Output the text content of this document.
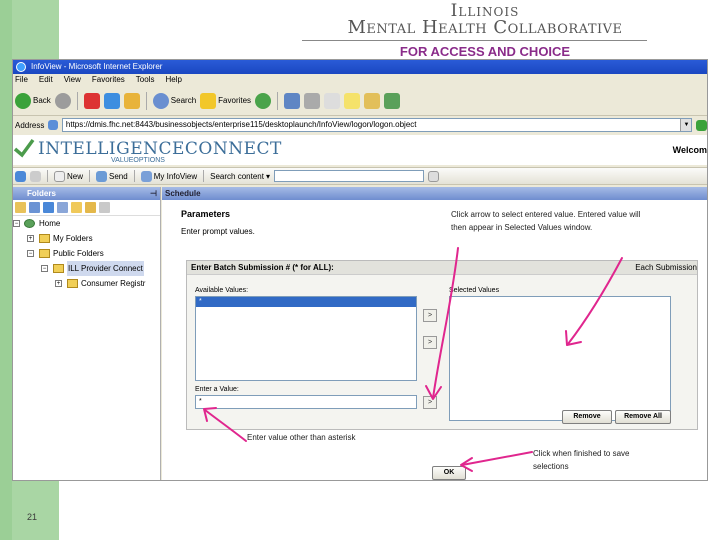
21
Illinois
Mental Health Collaborative
FOR ACCESS AND CHOICE
InfoView - Microsoft Internet Explorer
File Edit View Favorites Tools Help
Back	Search	Favorites
Address	https://dmis.fhc.net:8443/businessobjects/enterprise115/desktoplaunch/InfoView/logon/logon.object	▼
INTELLIGENCECONNECT
VALUEOPTIONS
Welcom
New	Send	My InfoView Search content ▾
Folders	⊣
−	Home
+	My Folders
−	Public Folders
−	ILL Provider Connect
+	Consumer Registr
Schedule
Parameters
Enter prompt values.
Enter Batch Submission # (* for ALL):	Each Submission
Available Values:
*
Selected Values
>
>
>
Enter a Value:
*
Remove	Remove All
OK
Click arrow to select entered value. Entered value will then appear in Selected Values window.
Enter value other than asterisk
Click when finished to save selections
